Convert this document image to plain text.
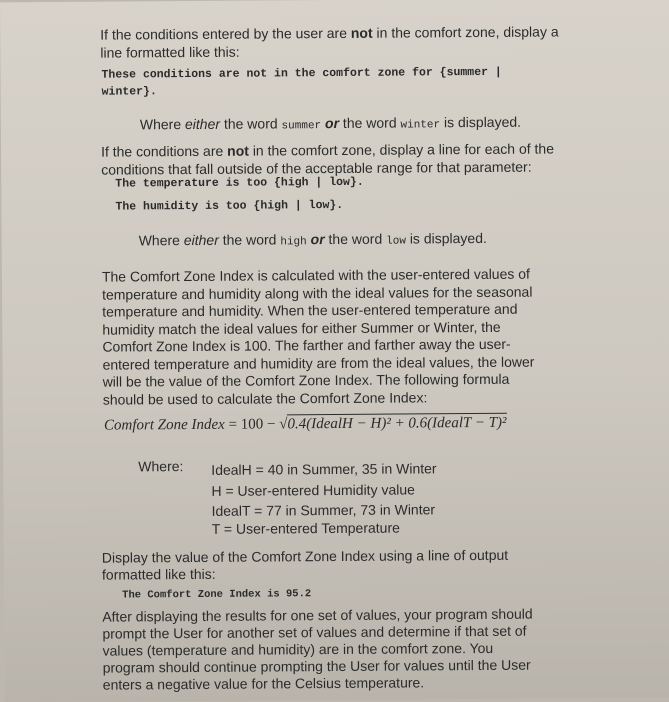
If the conditions entered by the user are not in the comfort zone, display a
line formatted like this:
These conditions are not in the comfort zone for {summer |
winter}.
Where either the word summer or the word winter is displayed.
If the conditions are not in the comfort zone, display a line for each of the
conditions that fall outside of the acceptable range for that parameter:
The temperature is too {high | low}.
The humidity is too {high | low}.
Where either the word high or the word low is displayed.
The Comfort Zone Index is calculated with the user-entered values of
temperature and humidity along with the ideal values for the seasonal
temperature and humidity. When the user-entered temperature and
humidity match the ideal values for either Summer or Winter, the
Comfort Zone Index is 100. The farther and farther away the user-
entered temperature and humidity are from the ideal values, the lower
will be the value of the Comfort Zone Index. The following formula
should be used to calculate the Comfort Zone Index:
Comfort Zone Index = 100 − √0.4(IdealH − H)² + 0.6(IdealT − T)²
Where: IdealH = 40 in Summer, 35 in Winter
H = User-entered Humidity value
IdealT = 77 in Summer, 73 in Winter
T = User-entered Temperature
Display the value of the Comfort Zone Index using a line of output
formatted like this:
The Comfort Zone Index is 95.2
After displaying the results for one set of values, your program should
prompt the User for another set of values and determine if that set of
values (temperature and humidity) are in the comfort zone. You
program should continue prompting the User for values until the User
enters a negative value for the Celsius temperature.
